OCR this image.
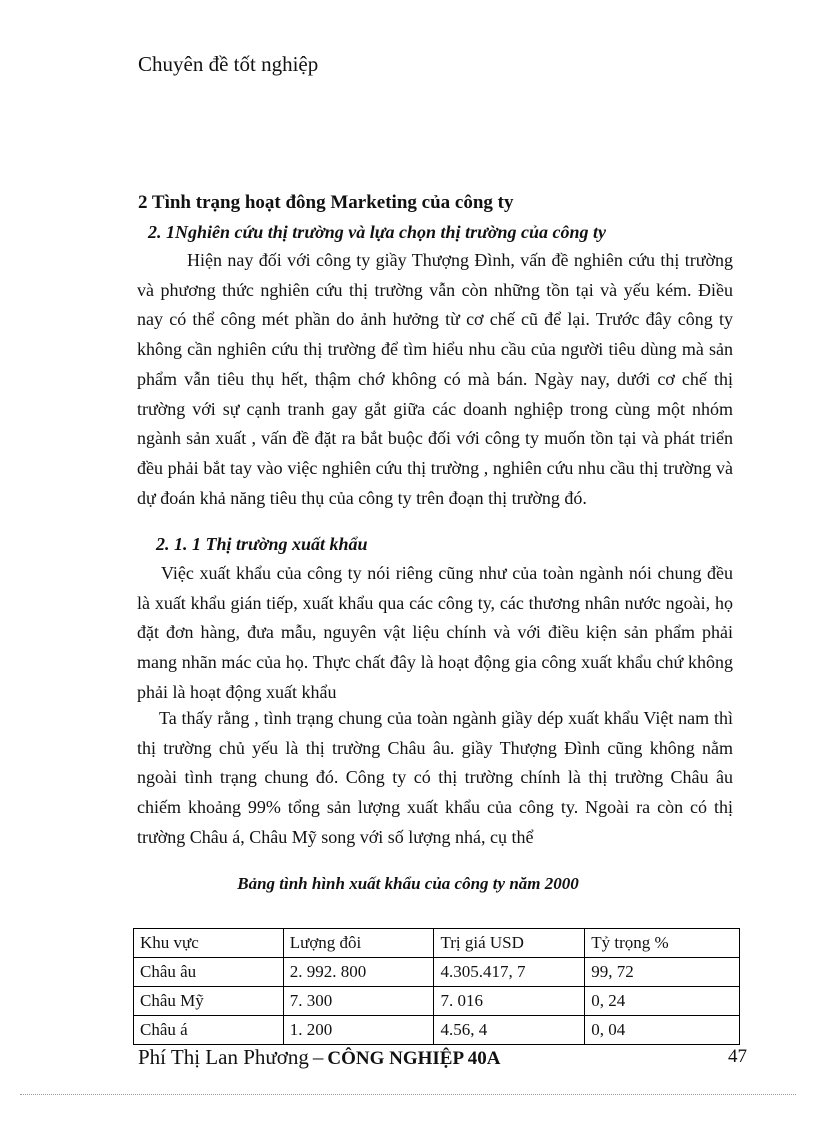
Chuyên đề tốt nghiệp
2 Tình trạng hoạt đông Marketing của công ty
2. 1Nghiên cứu thị trường và lựa chọn thị trường của công ty

Hiện nay đối với công ty giầy Thượng Đình, vấn đề nghiên cứu thị trường và phương thức nghiên cứu thị trường vẫn còn những tồn tại và yếu kém. Điều nay có thể công mét phần do ảnh hưởng từ cơ chế cũ để lại. Trước đây công ty không cần nghiên cứu thị trường để tìm hiểu nhu cầu của người tiêu dùng mà sản phẩm vẫn tiêu thụ hết, thậm chớ không có mà bán. Ngày nay, dưới cơ chế thị trường với sự cạnh tranh gay gắt giữa các doanh nghiệp trong cùng một nhóm ngành sản xuất , vấn đề đặt ra bắt buộc đối với công ty muốn tồn tại và phát triển đều phải bắt tay vào việc nghiên cứu thị trường , nghiên cứu nhu cầu thị trường và dự đoán khả năng tiêu thụ của công ty trên đoạn thị trường đó.

2. 1. 1 Thị trường xuất khẩu

Việc xuất khẩu của công ty nói riêng cũng như của toàn ngành nói chung đều là xuất khẩu gián tiếp, xuất khẩu qua các công ty, các thương nhân nước ngoài, họ đặt đơn hàng, đưa mẫu, nguyên vật liệu chính và với điều kiện sản phẩm phải mang nhãn mác của họ. Thực chất đây là hoạt động gia công xuất khẩu chứ không phải là hoạt động xuất khẩu

Ta thấy rằng , tình trạng chung của toàn ngành giầy dép xuất khẩu Việt nam thì thị trường chủ yếu là thị trường Châu âu. giầy Thượng Đình cũng không nằm ngoài tình trạng chung đó. Công ty có thị trường chính là thị trường Châu âu chiếm khoảng 99% tổng sản lượng xuất khẩu của công ty. Ngoài ra còn có thị trường Châu á, Châu Mỹ song với số lượng nhá, cụ thể

Bảng tình hình xuất khẩu của công ty năm 2000
Khu vực	Lượng đôi	Trị giá USD	Tỷ trọng %
Châu âu	2. 992. 800	4.305.417, 7	99, 72
Châu Mỹ	7. 300	7. 016	0, 24
Châu á	1. 200	4.56, 4	0, 04
Phí Thị Lan Phương – CÔNG NGHIỆP 40A	47
